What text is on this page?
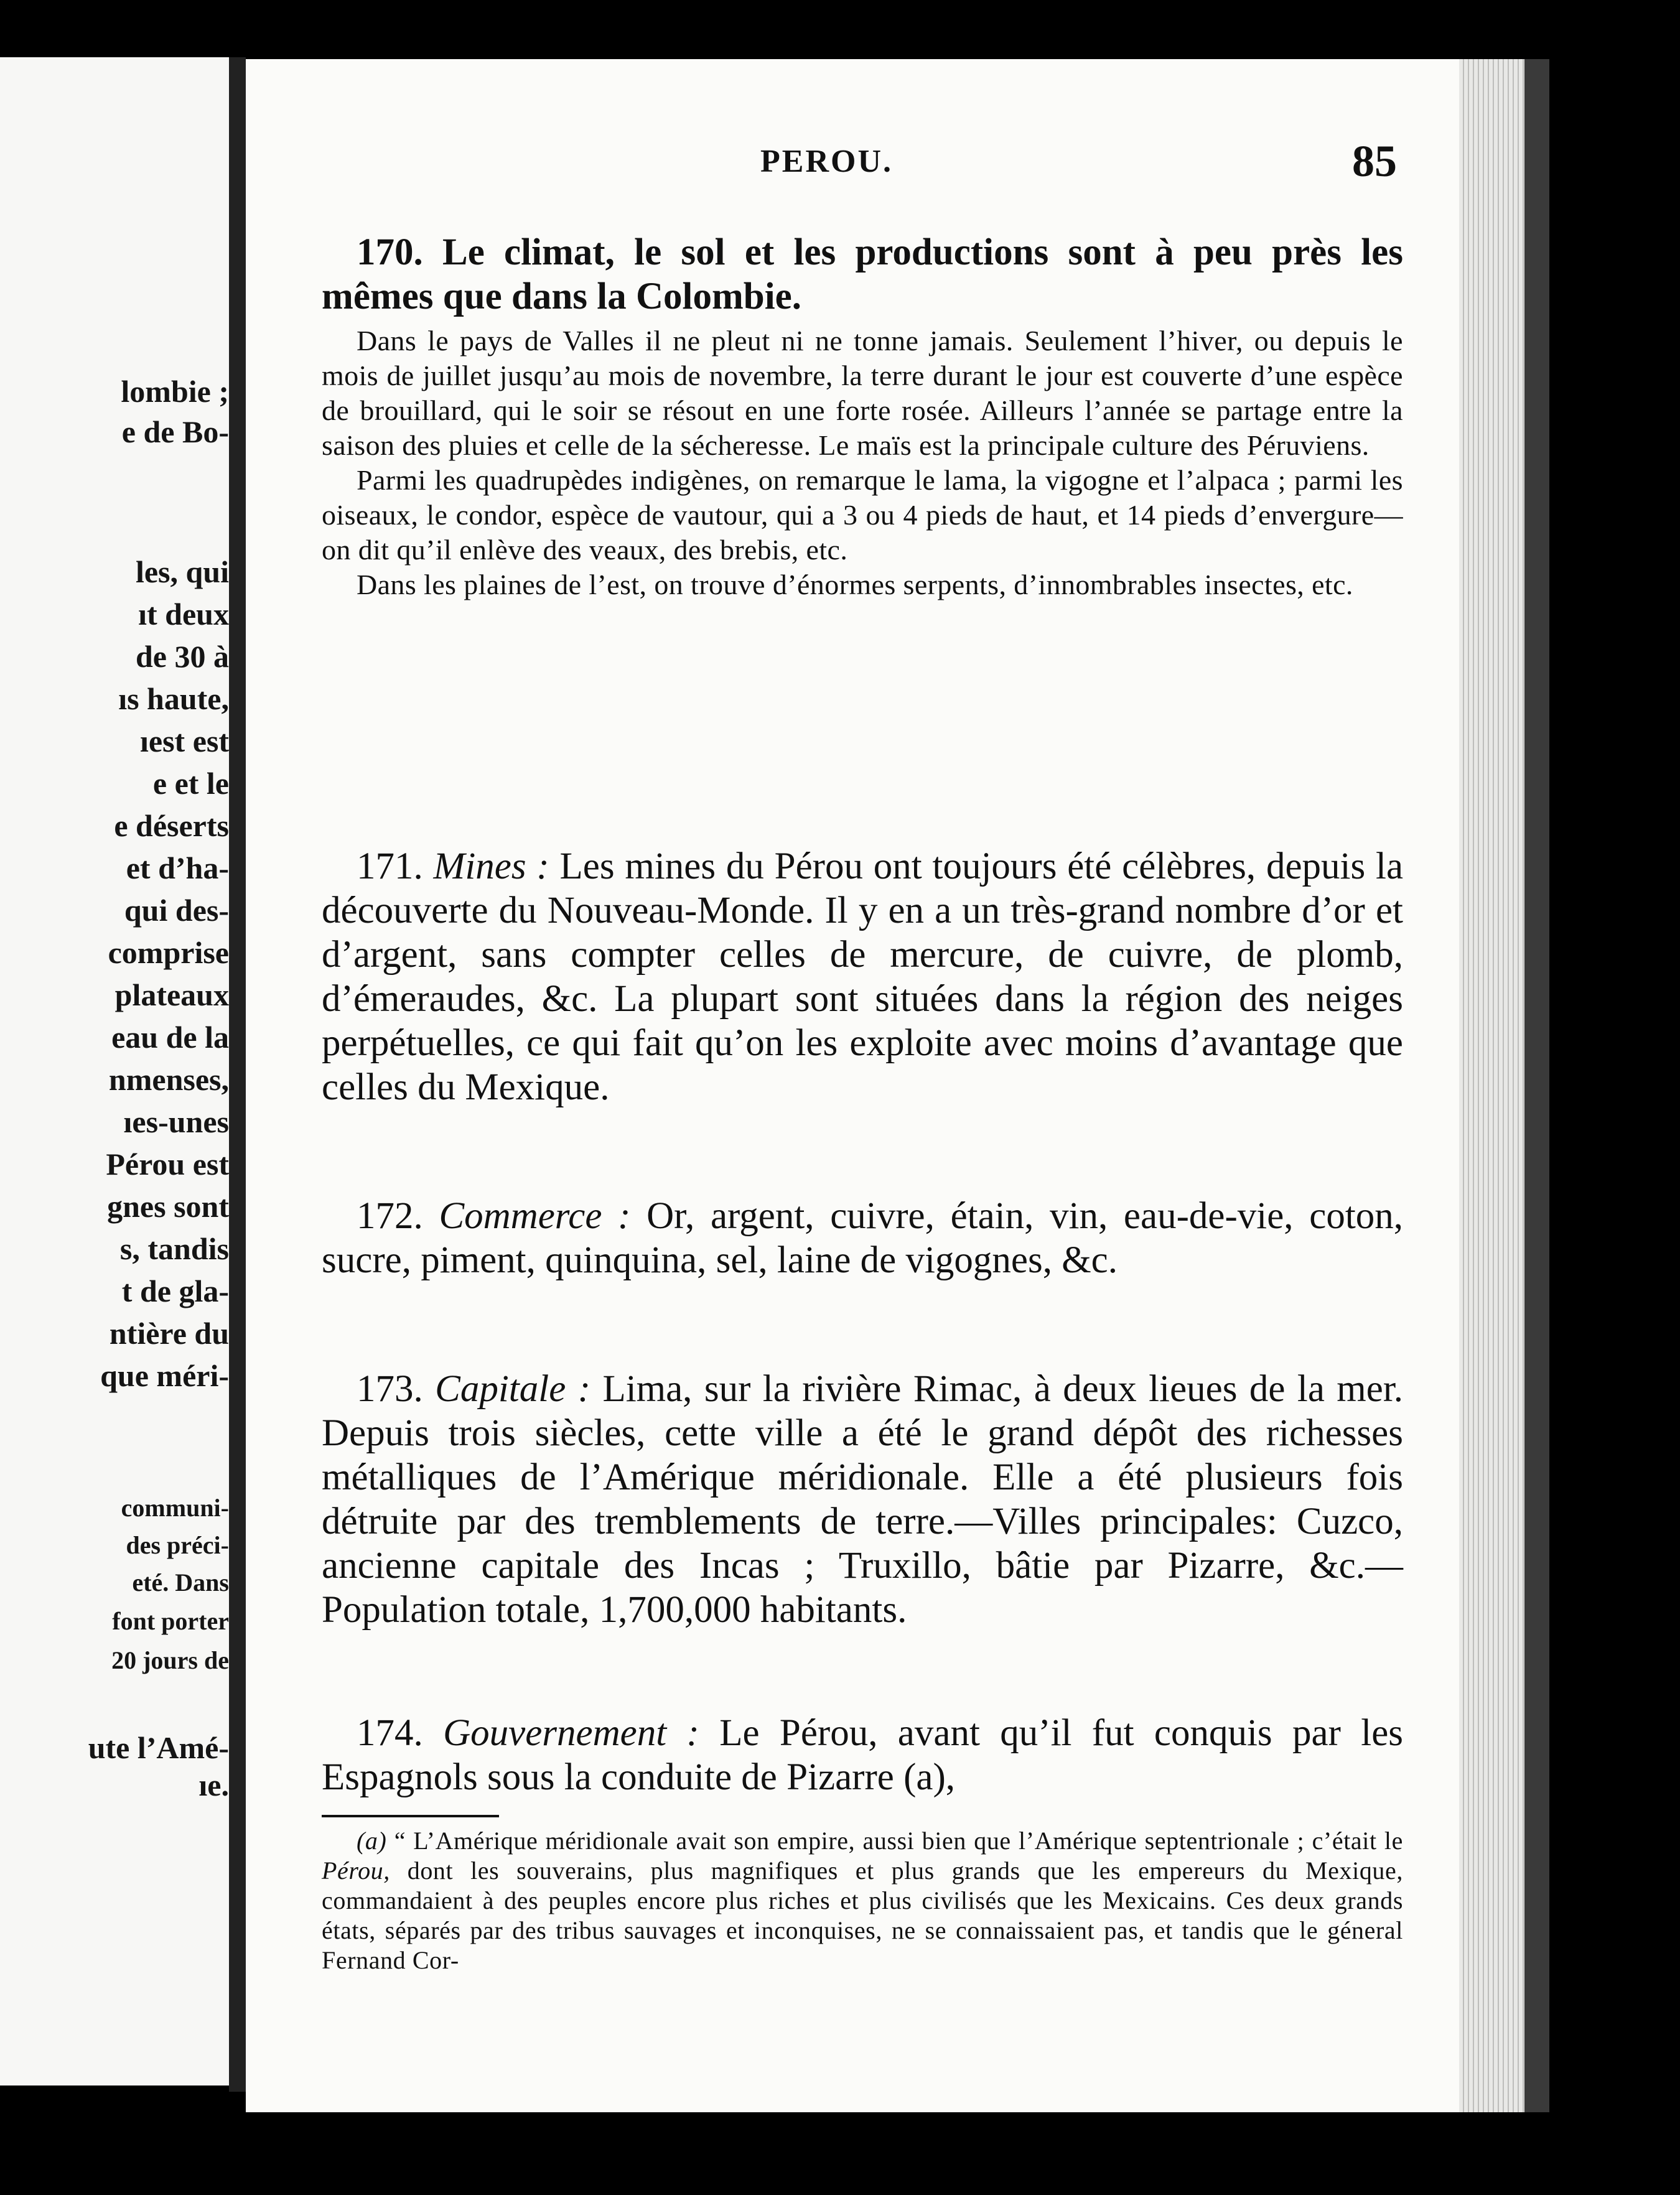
lombie ;
e de Bo-
les, qui
ıt deux
de 30 à
ıs haute,
ıest est
e et le
e déserts
et d’ha-
qui des-
comprise
plateaux
eau de la
nmenses,
ıes-unes
Pérou est
gnes sont
s, tandis
t de gla-
ntière du
que méri-
communi-
des préci-
eté. Dans
font porter
20 jours de
ute l’Amé-
ıe.
PEROU.	85

170. Le climat, le sol et les productions sont à peu près les mêmes que dans la Colombie.

Dans le pays de Valles il ne pleut ni ne tonne jamais. Seulement l’hiver, ou depuis le mois de juillet jusqu’au mois de novembre, la terre durant le jour est couverte d’une espèce de brouillard, qui le soir se résout en une forte rosée. Ailleurs l’année se partage entre la saison des pluies et celle de la sécheresse. Le maïs est la principale culture des Péruviens.

Parmi les quadrupèdes indigènes, on remarque le lama, la vigogne et l’alpaca ; parmi les oiseaux, le condor, espèce de vautour, qui a 3 ou 4 pieds de haut, et 14 pieds d’envergure—on dit qu’il enlève des veaux, des brebis, etc.

Dans les plaines de l’est, on trouve d’énormes serpents, d’innombrables insectes, etc.

171. Mines : Les mines du Pérou ont toujours été célèbres, depuis la découverte du Nouveau-Monde. Il y en a un très-grand nombre d’or et d’argent, sans compter celles de mercure, de cuivre, de plomb, d’émeraudes, &c. La plupart sont situées dans la région des neiges perpétuelles, ce qui fait qu’on les exploite avec moins d’avantage que celles du Mexique.

172. Commerce : Or, argent, cuivre, étain, vin, eau-de-vie, coton, sucre, piment, quinquina, sel, laine de vigognes, &c.

173. Capitale : Lima, sur la rivière Rimac, à deux lieues de la mer. Depuis trois siècles, cette ville a été le grand dépôt des richesses métalliques de l’Amérique méridionale. Elle a été plusieurs fois détruite par des tremblements de terre.—Villes principales: Cuzco, ancienne capitale des Incas ; Truxillo, bâtie par Pizarre, &c.—Population totale, 1,700,000 habitants.

174. Gouvernement : Le Pérou, avant qu’il fut conquis par les Espagnols sous la conduite de Pizarre (a),

(a) “ L’Amérique méridionale avait son empire, aussi bien que l’Amérique septentrionale ; c’était le Pérou, dont les souverains, plus magnifiques et plus grands que les empereurs du Mexique, commandaient à des peuples encore plus riches et plus civilisés que les Mexicains. Ces deux grands états, séparés par des tribus sauvages et inconquises, ne se connaissaient pas, et tandis que le géneral Fernand Cor-
